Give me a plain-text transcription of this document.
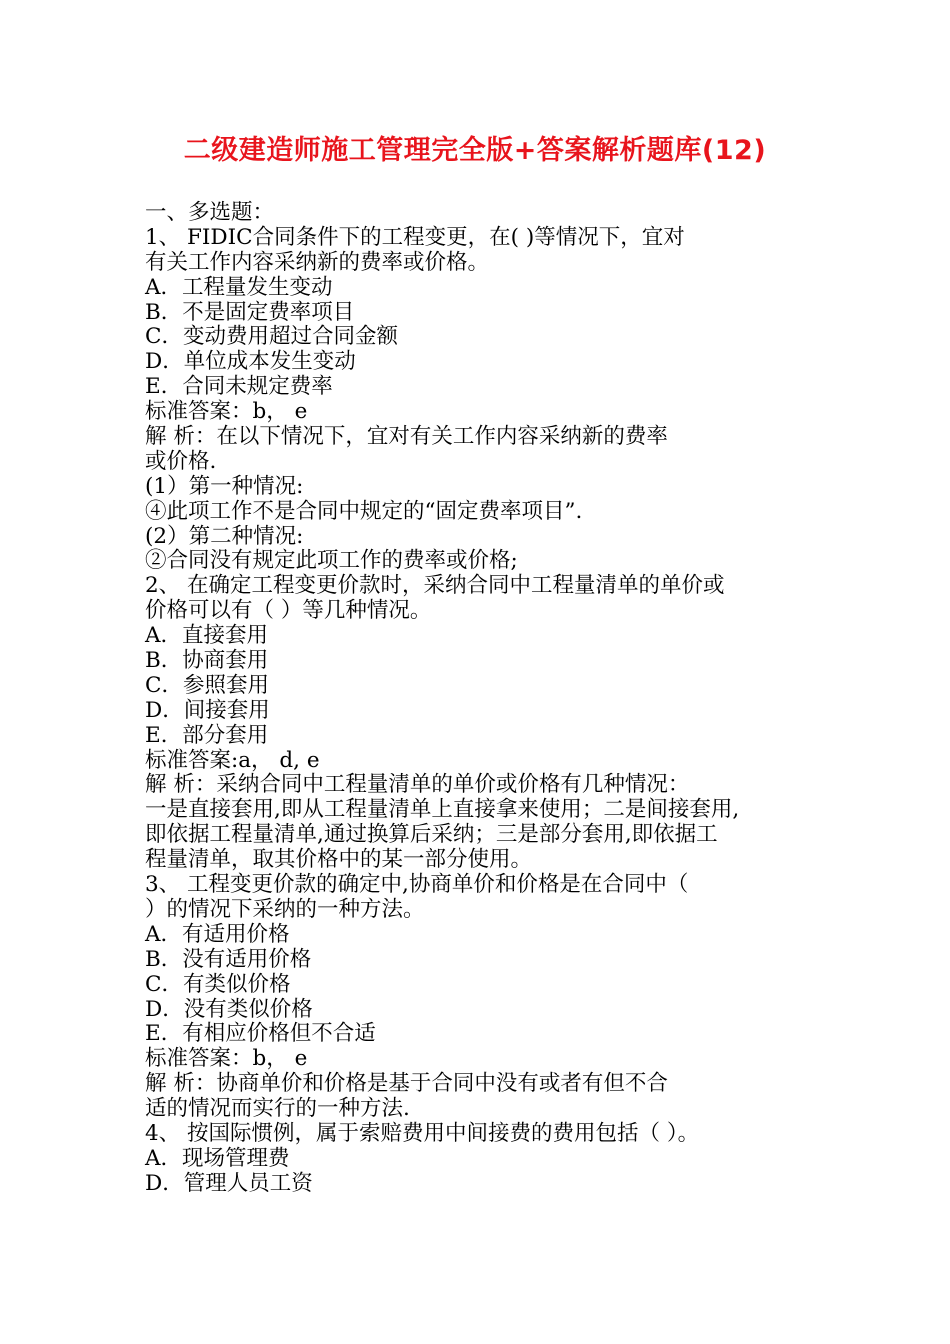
二级建造师施工管理完全版+答案解析题库(12)
一、多选题：
1、 FIDIC合同条件下的工程变更，在( )等情况下，宜对
有关工作内容采纳新的费率或价格。
A．工程量发生变动
B．不是固定费率项目
C．变动费用超过合同金额
D．单位成本发生变动
E．合同未规定费率
标准答案：b， e
解 析：在以下情况下，宜对有关工作内容采纳新的费率
或价格.
(1）第一种情况:
④此项工作不是合同中规定的“固定费率项目”.
(2）第二种情况:
②合同没有规定此项工作的费率或价格;
2、 在确定工程变更价款时，采纳合同中工程量清单的单价或
价格可以有（ ）等几种情况。
A．直接套用
B．协商套用
C．参照套用
D．间接套用
E．部分套用
标准答案:a， d, e
解 析：采纳合同中工程量清单的单价或价格有几种情况：
一是直接套用,即从工程量清单上直接拿来使用；二是间接套用,
即依据工程量清单,通过换算后采纳；三是部分套用,即依据工
程量清单，取其价格中的某一部分使用。
3、 工程变更价款的确定中,协商单价和价格是在合同中（
）的情况下采纳的一种方法。
A．有适用价格
B．没有适用价格
C．有类似价格
D．没有类似价格
E．有相应价格但不合适
标准答案：b， e
解 析：协商单价和价格是基于合同中没有或者有但不合
适的情况而实行的一种方法.
4、 按国际惯例，属于索赔费用中间接费的费用包括（ ）。
A．现场管理费
D．管理人员工资
